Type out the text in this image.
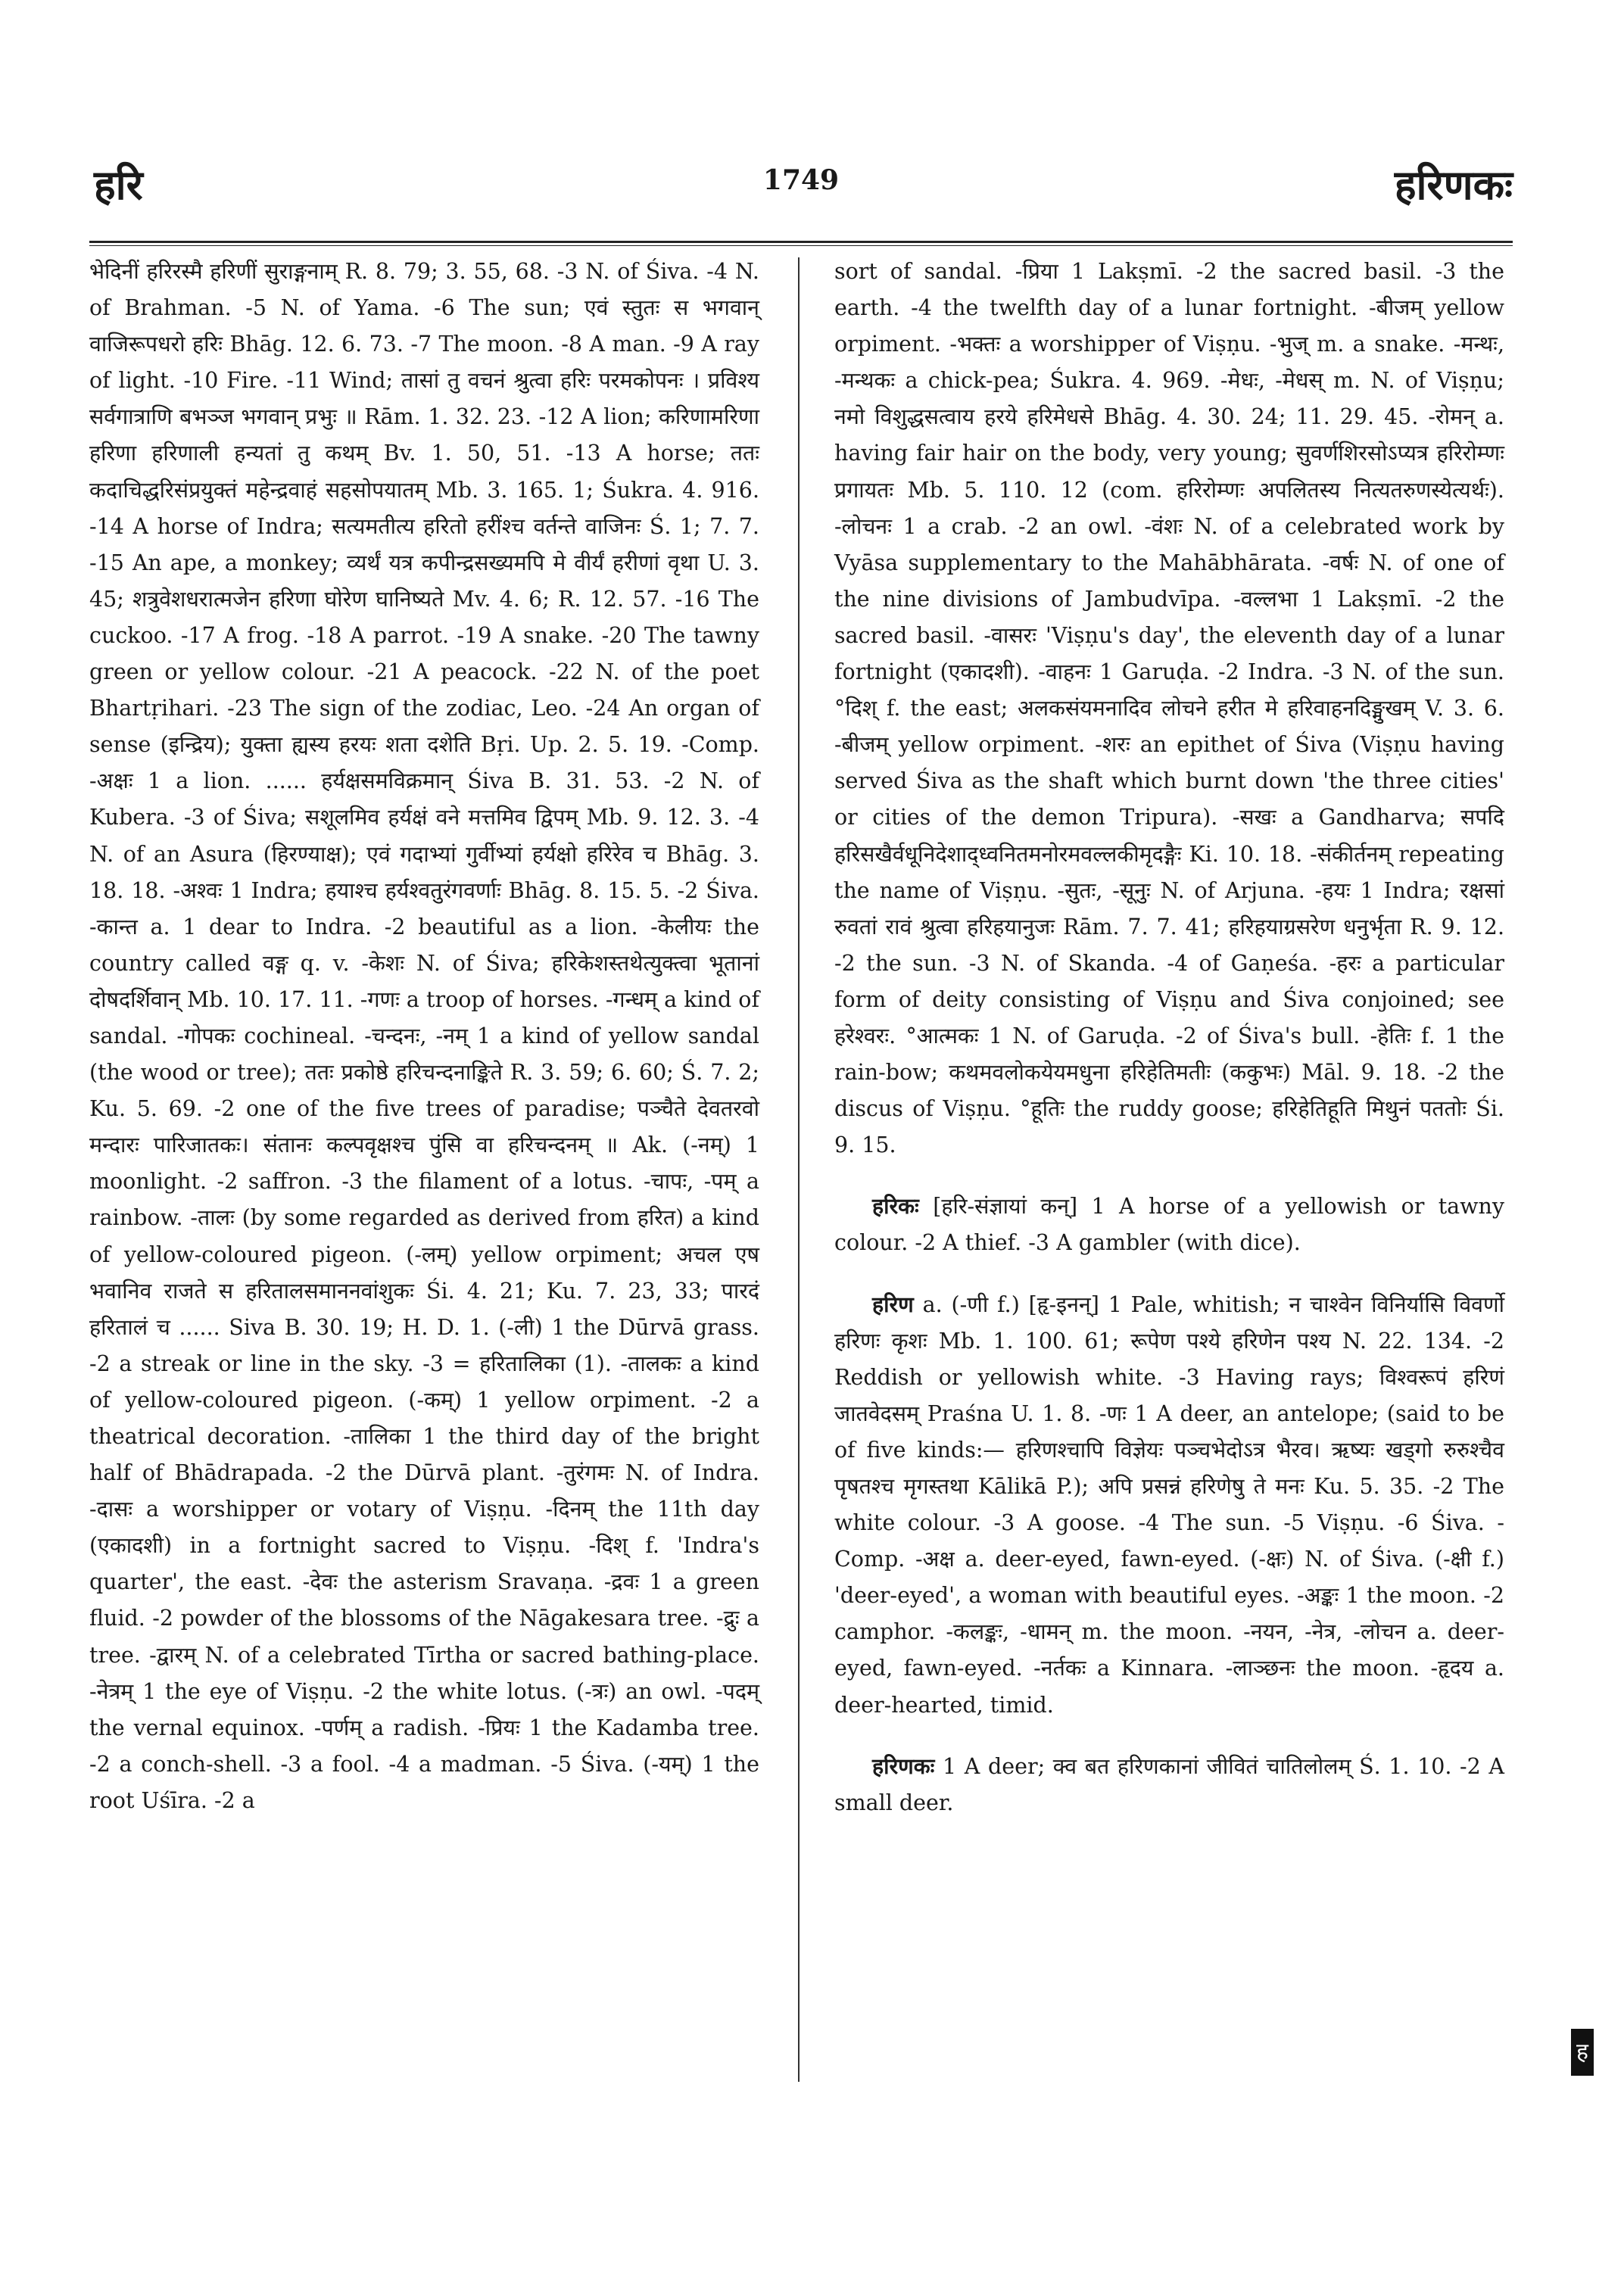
हरि	1749	हरिणकः

भेदिनीं हरिरस्मै हरिणीं सुराङ्गनाम् R. 8. 79; 3. 55, 68. -3 N. of Śiva. -4 N. of Brahman. -5 N. of Yama. -6 The sun; एवं स्तुतः स भगवान् वाजिरूपधरो हरिः Bhāg. 12. 6. 73. -7 The moon. -8 A man. -9 A ray of light. -10 Fire. -11 Wind; तासां तु वचनं श्रुत्वा हरिः परमकोपनः । प्रविश्य सर्वगात्राणि बभञ्ज भगवान् प्रभुः ॥ Rām. 1. 32. 23. -12 A lion; करिणामरिणा हरिणा हरिणाली हन्यतां तु कथम् Bv. 1. 50, 51. -13 A horse; ततः कदाचिद्धरिसंप्रयुक्तं महेन्द्रवाहं सहसोपयातम् Mb. 3. 165. 1; Śukra. 4. 916. -14 A horse of Indra; सत्यमतीत्य हरितो हरींश्च वर्तन्ते वाजिनः Ś. 1; 7. 7. -15 An ape, a monkey; व्यर्थं यत्र कपीन्द्रसख्यमपि मे वीर्यं हरीणां वृथा U. 3. 45; शत्रुवेशधरात्मजेन हरिणा घोरेण घानिष्यते Mv. 4. 6; R. 12. 57. -16 The cuckoo. -17 A frog. -18 A parrot. -19 A snake. -20 The tawny green or yellow colour. -21 A peacock. -22 N. of the poet Bhartṛihari. -23 The sign of the zodiac, Leo. -24 An organ of sense (इन्द्रिय); युक्ता ह्यस्य हरयः शता दशेति Bṛi. Up. 2. 5. 19. -Comp. -अक्षः 1 a lion. ...... हर्यक्षसमविक्रमान् Śiva B. 31. 53. -2 N. of Kubera. -3 of Śiva; सशूलमिव हर्यक्षं वने मत्तमिव द्विपम् Mb. 9. 12. 3. -4 N. of an Asura (हिरण्याक्ष); एवं गदाभ्यां गुर्वीभ्यां हर्यक्षो हरिरेव च Bhāg. 3. 18. 18. -अश्वः 1 Indra; हयाश्च हर्यश्वतुरंगवर्णाः Bhāg. 8. 15. 5. -2 Śiva. -कान्त a. 1 dear to Indra. -2 beautiful as a lion. -केलीयः the country called वङ्ग q. v. -केशः N. of Śiva; हरिकेशस्तथेत्युक्त्वा भूतानां दोषदर्शिवान् Mb. 10. 17. 11. -गणः a troop of horses. -गन्धम् a kind of sandal. -गोपकः cochineal. -चन्दनः, -नम् 1 a kind of yellow sandal (the wood or tree); ततः प्रकोष्ठे हरिचन्दनाङ्किते R. 3. 59; 6. 60; Ś. 7. 2; Ku. 5. 69. -2 one of the five trees of paradise; पञ्चैते देवतरवो मन्दारः पारिजातकः। संतानः कल्पवृक्षश्च पुंसि वा हरिचन्दनम् ॥ Ak. (-नम्) 1 moonlight. -2 saffron. -3 the filament of a lotus. -चापः, -पम् a rainbow. -तालः (by some regarded as derived from हरित) a kind of yellow-coloured pigeon. (-लम्) yellow orpiment; अचल एष भवानिव राजते स हरितालसमाननवांशुकः Śi. 4. 21; Ku. 7. 23, 33; पारदं हरितालं च ...... Siva B. 30. 19; H. D. 1. (-ली) 1 the Dūrvā grass. -2 a streak or line in the sky. -3 = हरितालिका (1). -तालकः a kind of yellow-coloured pigeon. (-कम्) 1 yellow orpiment. -2 a theatrical decoration. -तालिका 1 the third day of the bright half of Bhādrapada. -2 the Dūrvā plant. -तुरंगमः N. of Indra. -दासः a worshipper or votary of Viṣṇu. -दिनम् the 11th day (एकादशी) in a fortnight sacred to Viṣṇu. -दिश् f. 'Indra's quarter', the east. -देवः the asterism Sravaṇa. -द्रवः 1 a green fluid. -2 powder of the blossoms of the Nāgakesara tree. -द्रुः a tree. -द्वारम् N. of a celebrated Tīrtha or sacred bathing-place. -नेत्रम् 1 the eye of Viṣṇu. -2 the white lotus. (-त्रः) an owl. -पदम् the vernal equinox. -पर्णम् a radish. -प्रियः 1 the Kadamba tree. -2 a conch-shell. -3 a fool. -4 a madman. -5 Śiva. (-यम्) 1 the root Uśīra. -2 a

sort of sandal. -प्रिया 1 Lakṣmī. -2 the sacred basil. -3 the earth. -4 the twelfth day of a lunar fortnight. -बीजम् yellow orpiment. -भक्तः a worshipper of Viṣṇu. -भुज् m. a snake. -मन्थः, -मन्थकः a chick-pea; Śukra. 4. 969. -मेधः, -मेधस् m. N. of Viṣṇu; नमो विशुद्धसत्वाय हरये हरिमेधसे Bhāg. 4. 30. 24; 11. 29. 45. -रोमन् a. having fair hair on the body, very young; सुवर्णशिरसोऽप्यत्र हरिरोम्णः प्रगायतः Mb. 5. 110. 12 (com. हरिरोम्णः अपलितस्य नित्यतरुणस्येत्यर्थः). -लोचनः 1 a crab. -2 an owl. -वंशः N. of a celebrated work by Vyāsa supplementary to the Mahābhārata. -वर्षः N. of one of the nine divisions of Jambudvīpa. -वल्लभा 1 Lakṣmī. -2 the sacred basil. -वासरः 'Viṣṇu's day', the eleventh day of a lunar fortnight (एकादशी). -वाहनः 1 Garuḍa. -2 Indra. -3 N. of the sun. °दिश् f. the east; अलकसंयमनादिव लोचने हरीत मे हरिवाहनदिङ्मुखम् V. 3. 6. -बीजम् yellow orpiment. -शरः an epithet of Śiva (Viṣṇu having served Śiva as the shaft which burnt down 'the three cities' or cities of the demon Tripura). -सखः a Gandharva; सपदि हरिसखैर्वधूनिदेशाद्ध्वनितमनोरमवल्लकीमृदङ्गैः Ki. 10. 18. -संकीर्तनम् repeating the name of Viṣṇu. -सुतः, -सूनुः N. of Arjuna. -हयः 1 Indra; रक्षसां रुवतां रावं श्रुत्वा हरिहयानुजः Rām. 7. 7. 41; हरिहयाग्रसरेण धनुर्भृता R. 9. 12. -2 the sun. -3 N. of Skanda. -4 of Gaṇeśa. -हरः a particular form of deity consisting of Viṣṇu and Śiva conjoined; see हरेश्वरः. °आत्मकः 1 N. of Garuḍa. -2 of Śiva's bull. -हेतिः f. 1 the rain-bow; कथमवलोकयेयमधुना हरिहेतिमतीः (ककुभः) Māl. 9. 18. -2 the discus of Viṣṇu. °हूतिः the ruddy goose; हरिहेतिहूति मिथुनं पततोः Śi. 9. 15.

हरिकः [हरि-संज्ञायां कन्] 1 A horse of a yellowish or tawny colour. -2 A thief. -3 A gambler (with dice).

हरिण a. (-णी f.) [हृ-इनन्] 1 Pale, whitish; न चाश्वेन विनिर्यासि विवर्णो हरिणः कृशः Mb. 1. 100. 61; रूपेण पश्ये हरिणेन पश्य N. 22. 134. -2 Reddish or yellowish white. -3 Having rays; विश्वरूपं हरिणं जातवेदसम् Praśna U. 1. 8. -णः 1 A deer, an antelope; (said to be of five kinds:— हरिणश्चापि विज्ञेयः पञ्चभेदोऽत्र भैरव। ऋष्यः खड्गो रुरुश्चैव पृषतश्च मृगस्तथा Kālikā P.); अपि प्रसन्नं हरिणेषु ते मनः Ku. 5. 35. -2 The white colour. -3 A goose. -4 The sun. -5 Viṣṇu. -6 Śiva. -Comp. -अक्ष a. deer-eyed, fawn-eyed. (-क्षः) N. of Śiva. (-क्षी f.) 'deer-eyed', a woman with beautiful eyes. -अङ्कः 1 the moon. -2 camphor. -कलङ्कः, -धामन् m. the moon. -नयन, -नेत्र, -लोचन a. deer-eyed, fawn-eyed. -नर्तकः a Kinnara. -लाञ्छनः the moon. -हृदय a. deer-hearted, timid.

हरिणकः 1 A deer; क्व बत हरिणकानां जीवितं चातिलोलम् Ś. 1. 10. -2 A small deer.

ह
